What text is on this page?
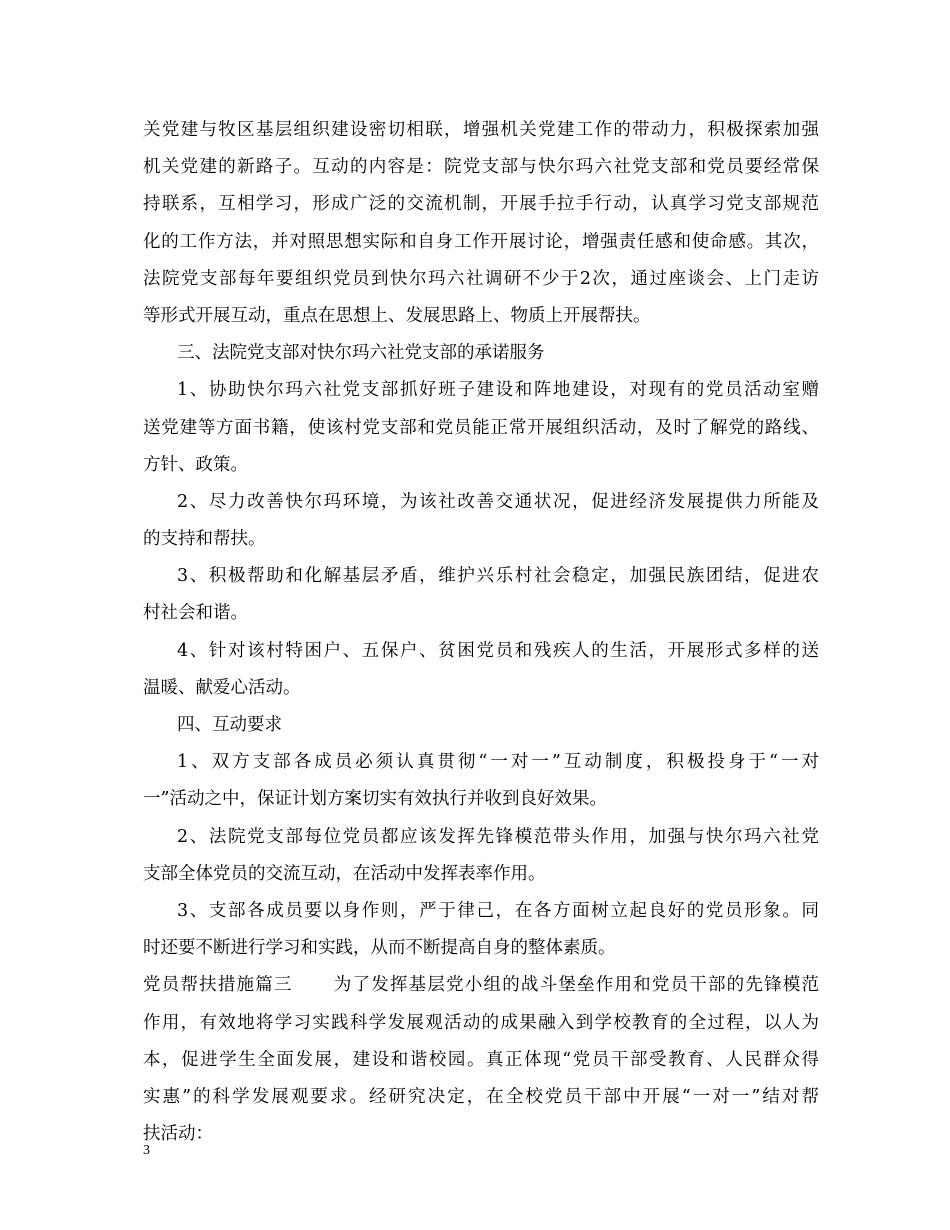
关党建与牧区基层组织建设密切相联，增强机关党建工作的带动力，积极探索加强
机关党建的新路子。互动的内容是：院党支部与快尔玛六社党支部和党员要经常保
持联系，互相学习，形成广泛的交流机制，开展手拉手行动，认真学习党支部规范
化的工作方法，并对照思想实际和自身工作开展讨论，增强责任感和使命感。其次，
法院党支部每年要组织党员到快尔玛六社调研不少于2次，通过座谈会、上门走访
等形式开展互动，重点在思想上、发展思路上、物质上开展帮扶。
三、法院党支部对快尔玛六社党支部的承诺服务
1、协助快尔玛六社党支部抓好班子建设和阵地建设，对现有的党员活动室赠
送党建等方面书籍，使该村党支部和党员能正常开展组织活动，及时了解党的路线、
方针、政策。
2、尽力改善快尔玛环境，为该社改善交通状况，促进经济发展提供力所能及
的支持和帮扶。
3、积极帮助和化解基层矛盾，维护兴乐村社会稳定，加强民族团结，促进农
村社会和谐。
4、针对该村特困户、五保户、贫困党员和残疾人的生活，开展形式多样的送
温暖、献爱心活动。
四、互动要求
1、双方支部各成员必须认真贯彻“一对一”互动制度，积极投身于“一对
一”活动之中，保证计划方案切实有效执行并收到良好效果。
2、法院党支部每位党员都应该发挥先锋模范带头作用，加强与快尔玛六社党
支部全体党员的交流互动，在活动中发挥表率作用。
3、支部各成员要以身作则，严于律己，在各方面树立起良好的党员形象。同
时还要不断进行学习和实践，从而不断提高自身的整体素质。
党员帮扶措施篇三 为了发挥基层党小组的战斗堡垒作用和党员干部的先锋模范
作用，有效地将学习实践科学发展观活动的成果融入到学校教育的全过程，以人为
本，促进学生全面发展，建设和谐校园。真正体现“党员干部受教育、人民群众得
实惠”的科学发展观要求。经研究决定，在全校党员干部中开展“一对一”结对帮
扶活动：
3
